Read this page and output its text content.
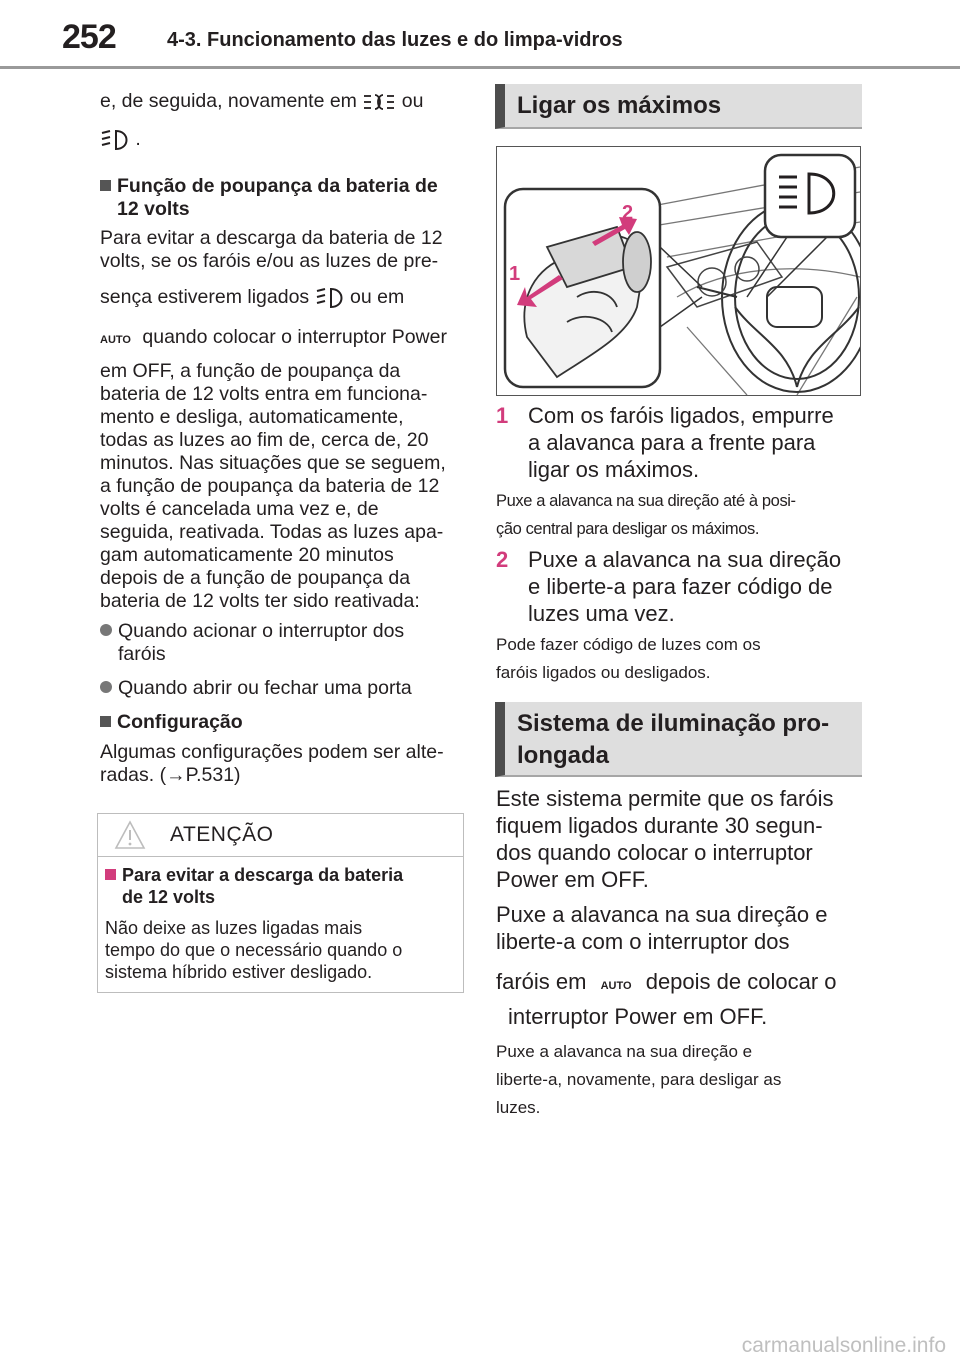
252	4-3. Funcionamento das luzes e do limpa-vidros
e, de seguida, novamente em ou
.
Função de poupança da bateria de
12 volts
Para evitar a descarga da bateria de 12
volts, se os faróis e/ou as luzes de pre-
sença estiverem ligados ou em
AUTO quando colocar o interruptor Power
em OFF, a função de poupança da
bateria de 12 volts entra em funciona-
mento e desliga, automaticamente,
todas as luzes ao fim de, cerca de, 20
minutos. Nas situações que se seguem,
a função de poupança da bateria de 12
volts é cancelada uma vez e, de
seguida, reativada. Todas as luzes apa-
gam automaticamente 20 minutos
depois de a função de poupança da
bateria de 12 volts ter sido reativada:
Quando acionar o interruptor dos
faróis
Quando abrir ou fechar uma porta
Configuração
Algumas configurações podem ser alte-
radas. (→P.531)
ATENÇÃO
Para evitar a descarga da bateria
de 12 volts
Não deixe as luzes ligadas mais
tempo do que o necessário quando o
sistema híbrido estiver desligado.
Ligar os máximos
1
2
1 Com os faróis ligados, empurre
a alavanca para a frente para
ligar os máximos.
Puxe a alavanca na sua direção até à posi-
ção central para desligar os máximos.
2 Puxe a alavanca na sua direção
e liberte-a para fazer código de
luzes uma vez.
Pode fazer código de luzes com os
faróis ligados ou desligados.
Sistema de iluminação pro-
longada
Este sistema permite que os faróis
fiquem ligados durante 30 segun-
dos quando colocar o interruptor
Power em OFF.
Puxe a alavanca na sua direção e
liberte-a com o interruptor dos
faróis em AUTO depois de colocar o
interruptor Power em OFF.
Puxe a alavanca na sua direção e
liberte-a, novamente, para desligar as
luzes.
carmanualsonline.info
